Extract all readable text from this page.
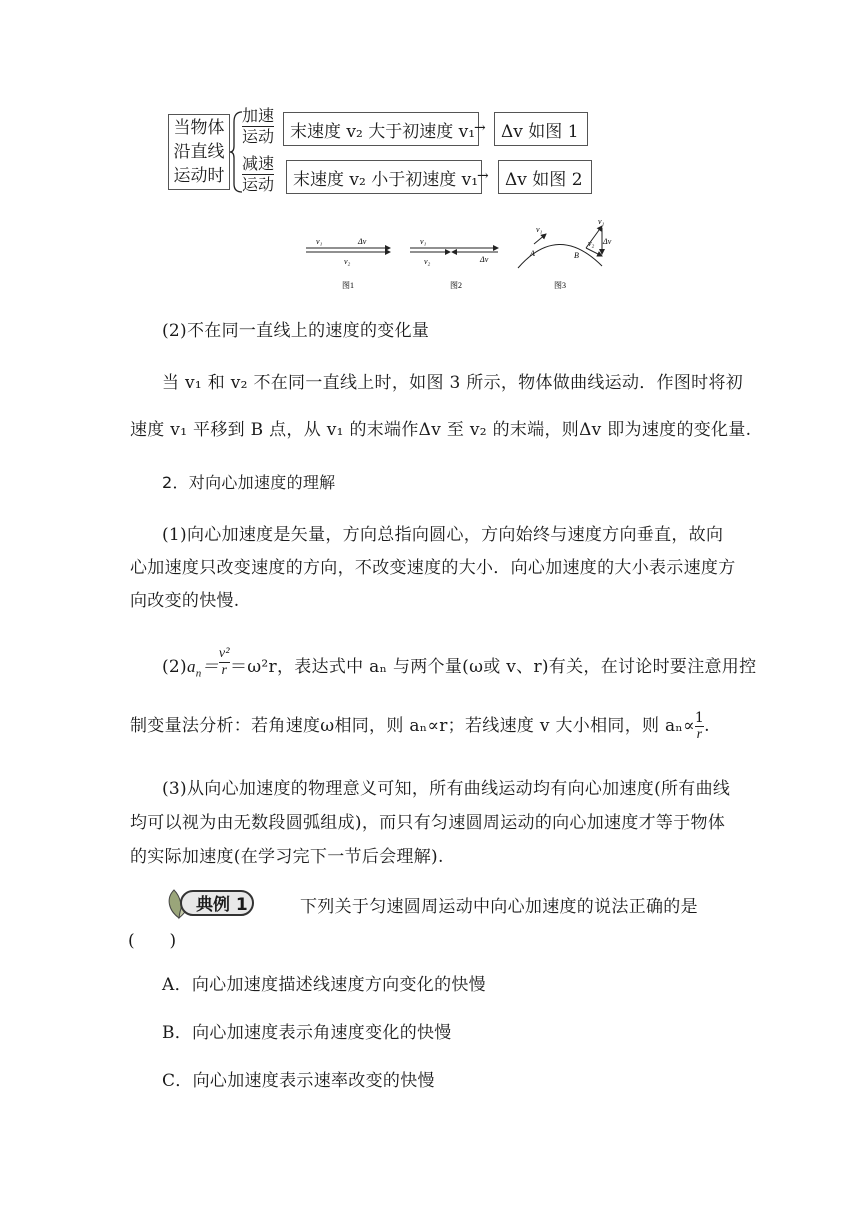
当物体
沿直线
运动时
加速
运动 末速度 v₂ 大于初速度 v₁
→ Δv 如图 1
减速
运动 末速度 v₂ 小于初速度 v₁
→ Δv 如图 2
v₁	Δv
v₂
图1
v₁
v₂	Δv
图2
v₁
v₁
v₂ Δv
A	B
图3
(2)不在同一直线上的速度的变化量
当 v₁ 和 v₂ 不在同一直线上时，如图 3 所示，物体做曲线运动．作图时将初
速度 v₁ 平移到 B 点，从 v₁ 的末端作Δv 至 v₂ 的末端，则Δv 即为速度的变化量.
2．对向心加速度的理解
(1)向心加速度是矢量，方向总指向圆心，方向始终与速度方向垂直，故向
心加速度只改变速度的方向，不改变速度的大小．向心加速度的大小表示速度方
向改变的快慢.
$(2)a_n= \frac{\text{v²}}{r} =\omega^2r$，表达式中 aₙ 与两个量(ω或 v、r)有关，在讨论时要注意用控
制变量法分析：若角速度ω相同，则 aₙ∝r；若线速度 v 大小相同，则 $a_n\propto \frac{1}{r}$ .
(3)从向心加速度的物理意义可知，所有曲线运动均有向心加速度(所有曲线
均可以视为由无数段圆弧组成)，而只有匀速圆周运动的向心加速度才等于物体
的实际加速度(在学习完下一节后会理解).
典例 1	下列关于匀速圆周运动中向心加速度的说法正确的是
(　　)
A．向心加速度描述线速度方向变化的快慢
B．向心加速度表示角速度变化的快慢
C．向心加速度表示速率改变的快慢
